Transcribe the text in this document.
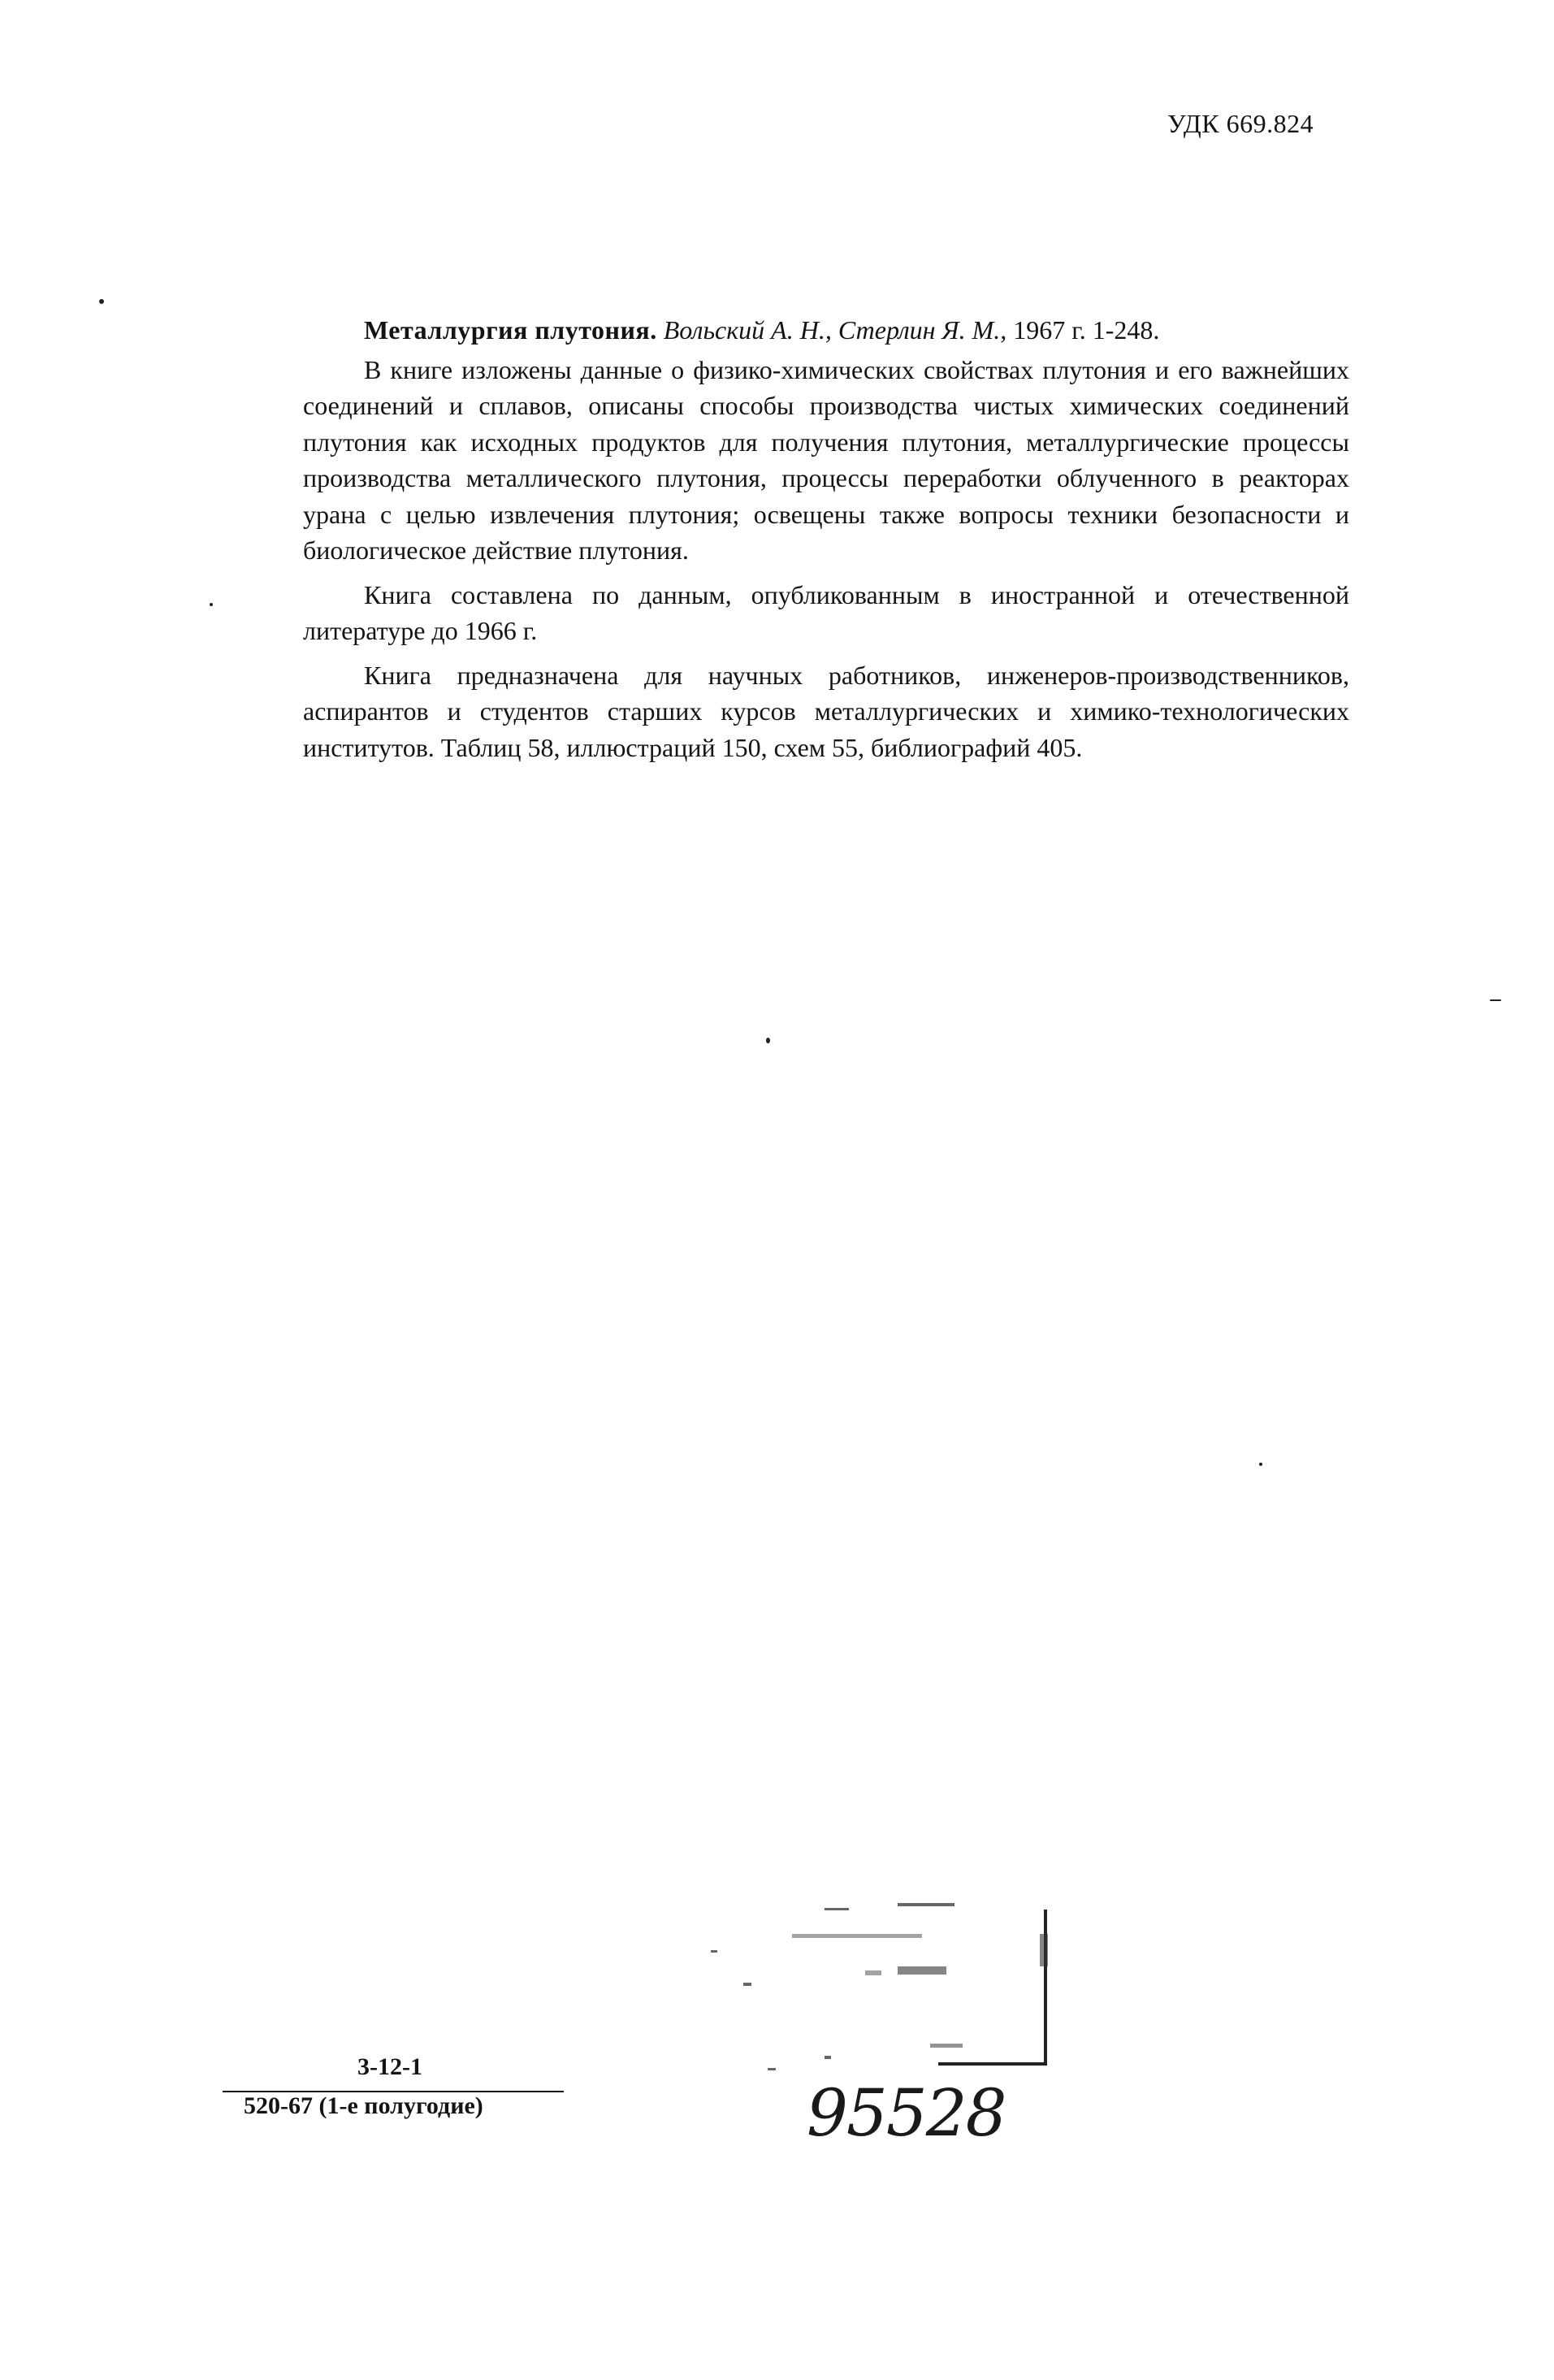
УДК 669.824

Металлургия плутония. Вольский А. Н., Стерлин Я. М., 1967 г. 1-248.

В книге изложены данные о физико-химических свойствах плутония и его важнейших соединений и сплавов, описаны способы производства чистых химических соединений плутония как исходных продуктов для получения плутония, металлургические процессы производства металлического плутония, процессы переработки облученного в реакторах урана с целью извлечения плутония; освещены также вопросы техники безопасности и биологическое действие плутония.

Книга составлена по данным, опубликованным в иностранной и отечественной литературе до 1966 г.

Книга предназначена для научных работников, инженеров-производственников, аспирантов и студентов старших курсов металлургических и химико-технологических институтов. Таблиц 58, иллюстраций 150, схем 55, библиографий 405.

95528
3-12-1
520-67 (1-е полугодие)
